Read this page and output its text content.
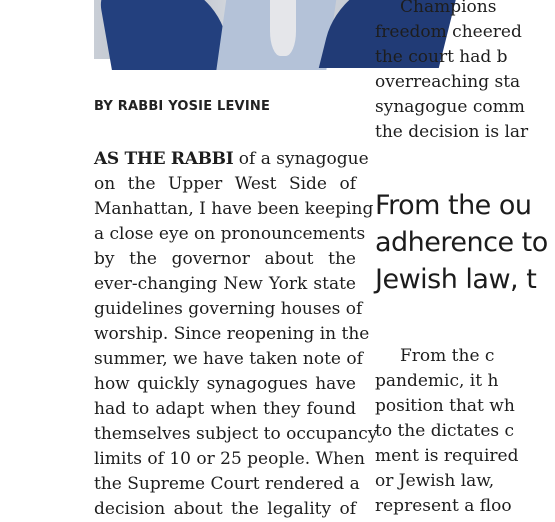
BY RABBI YOSIE LEVINE
AS THE RABBI of a synagogue
on the Upper West Side of
Manhattan, I have been keeping
a close eye on pronouncements
by the governor about the
ever-changing New York state
guidelines governing houses of
worship. Since reopening in the
summer, we have taken note of
how quickly synagogues have
had to adapt when they found
themselves subject to occupancy
limits of 10 or 25 people. When
the Supreme Court rendered a
decision about the legality of
Champions
freedom cheered
the court had b
overreaching sta
synagogue comm
the decision is lar
From the ou
adherence to
Jewish law, t
From the c
pandemic, it h
position that wh
to the dictates c
ment is required
or Jewish law,
represent a floo
